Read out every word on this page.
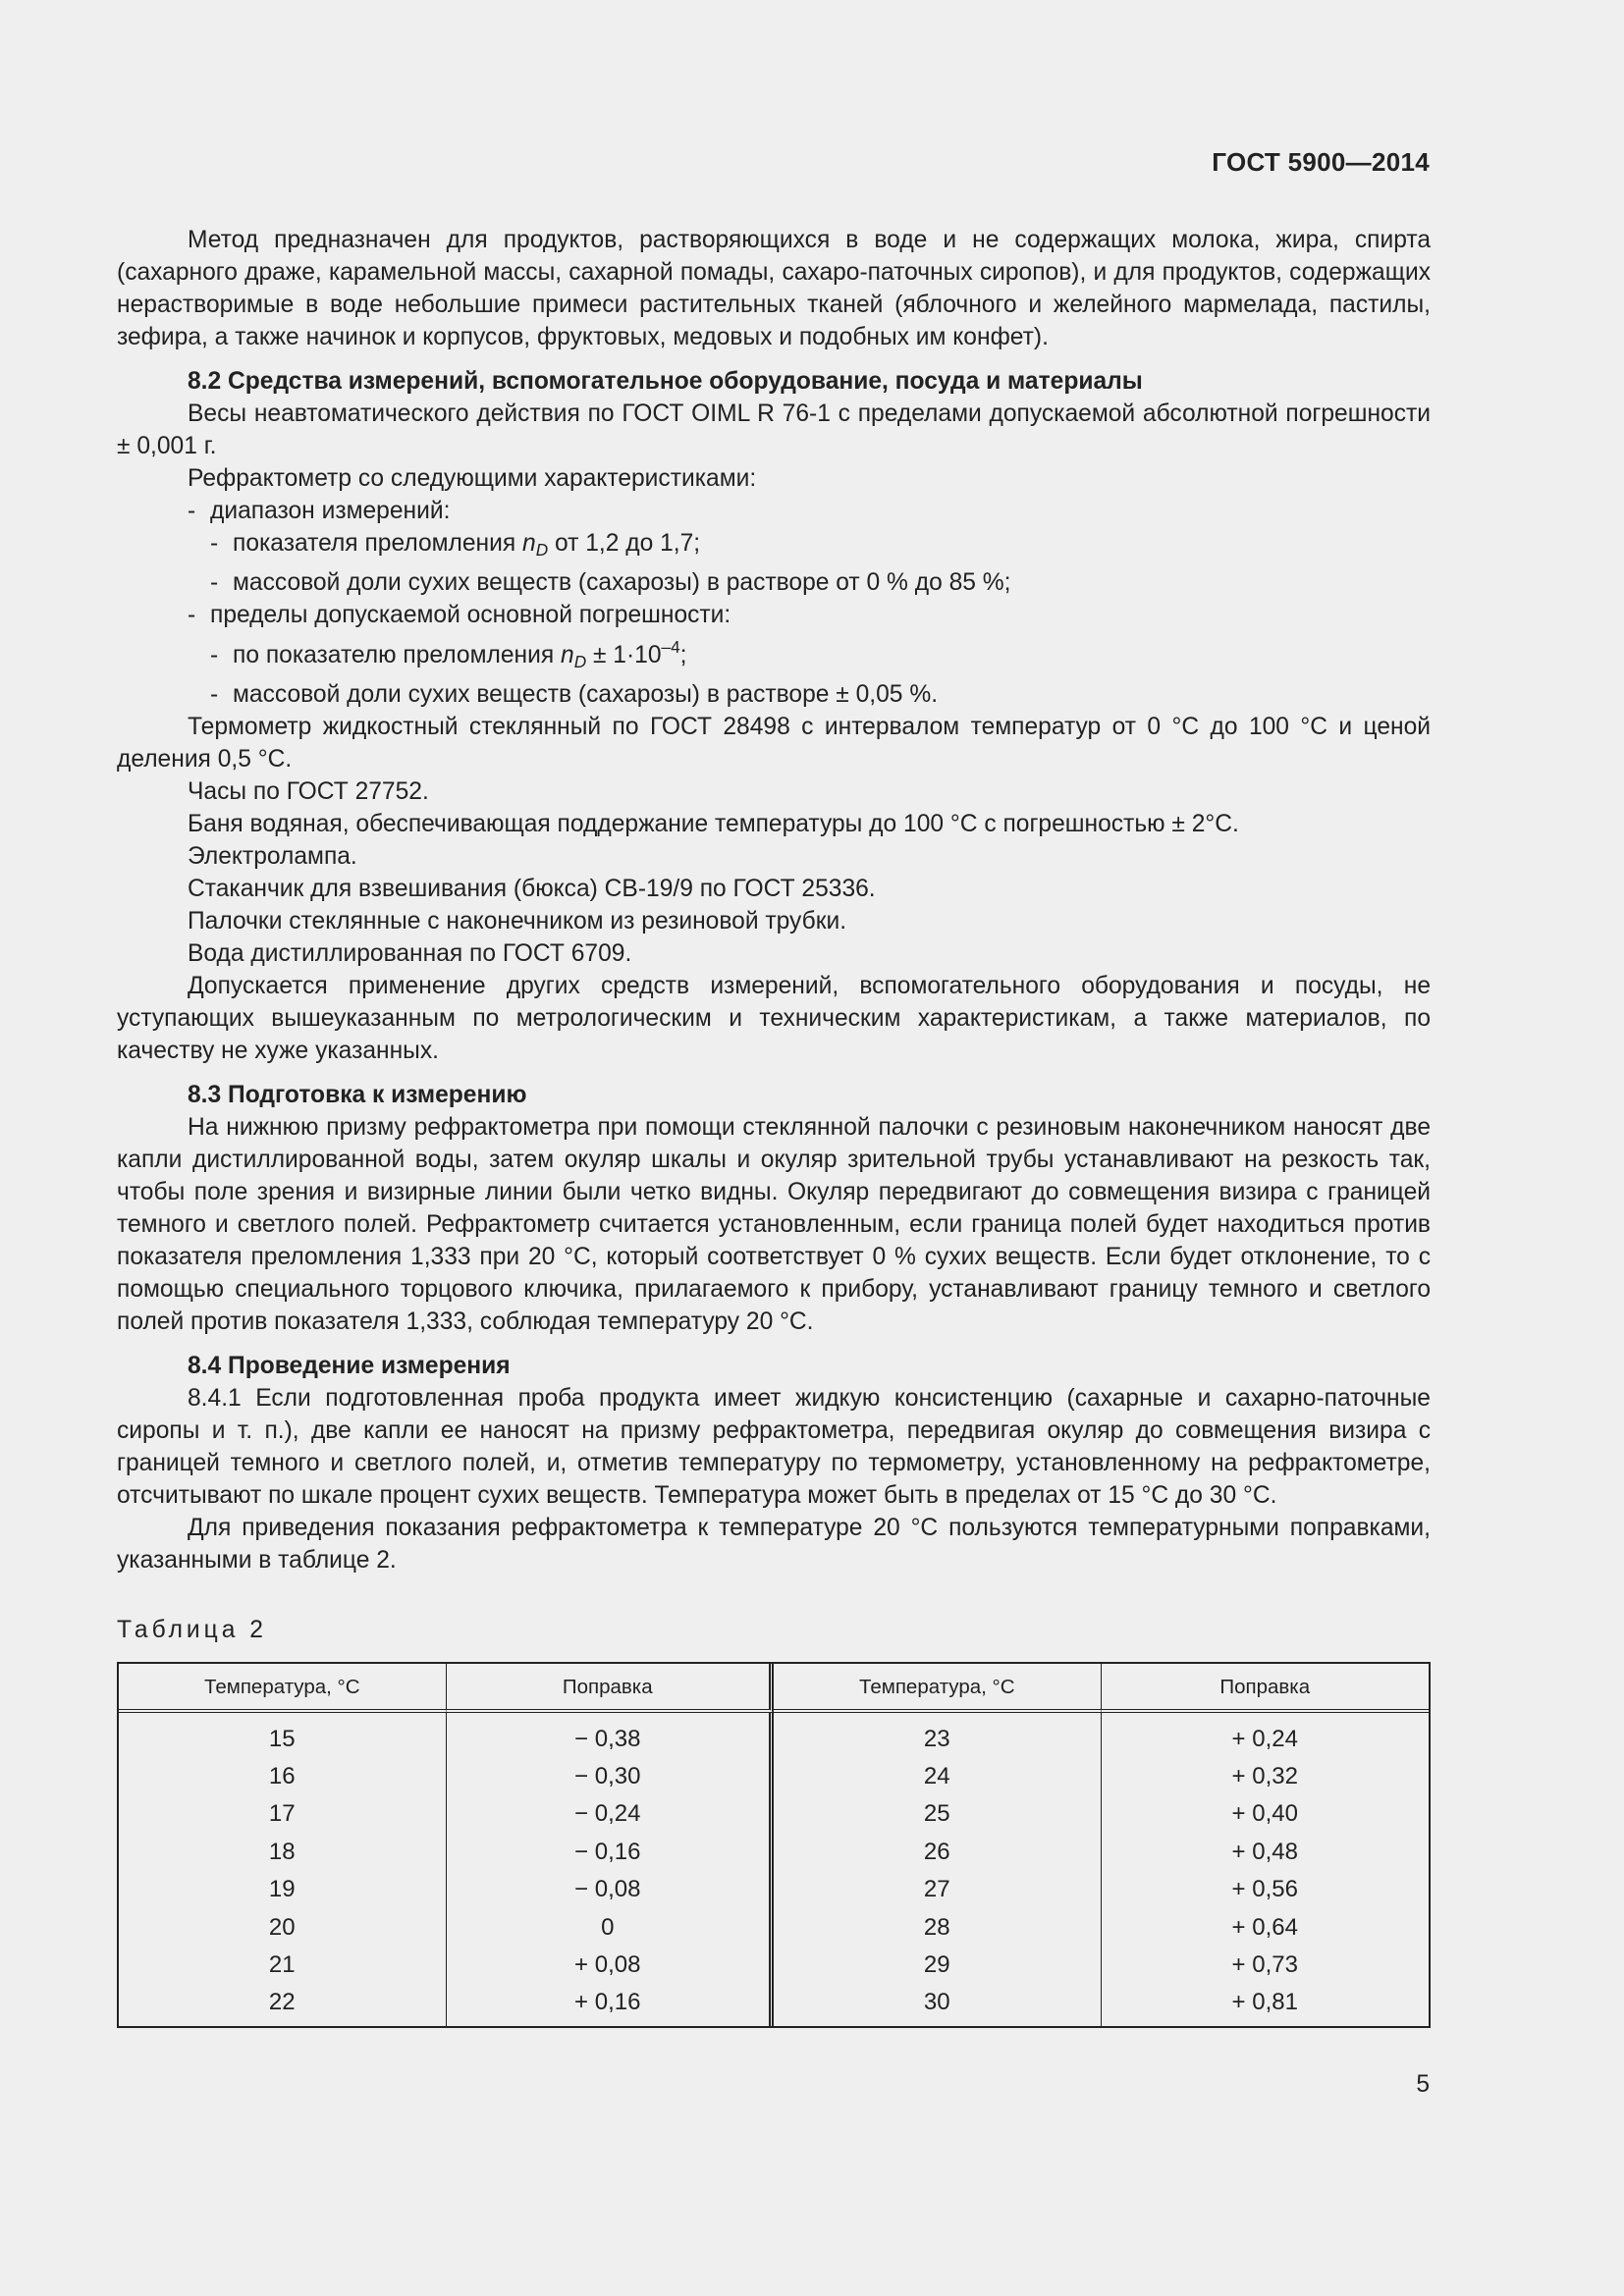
ГОСТ 5900—2014

Метод предназначен для продуктов, растворяющихся в воде и не содержащих молока, жира, спирта (сахарного драже, карамельной массы, сахарной помады, сахаро-паточных сиропов), и для продуктов, содержащих нерастворимые в воде небольшие примеси растительных тканей (яблочного и желейного мармелада, пастилы, зефира, а также начинок и корпусов, фруктовых, медовых и подобных им конфет).

8.2 Средства измерений, вспомогательное оборудование, посуда и материалы

Весы неавтоматического действия по ГОСТ OIML R 76-1 с пределами допускаемой абсолютной погрешности ± 0,001 г.

Рефрактометр со следующими характеристиками:

- диапазон измерений:

- показателя преломления $n_D$ от 1,2 до 1,7;

- массовой доли сухих веществ (сахарозы) в растворе от 0 % до 85 %;

- пределы допускаемой основной погрешности:

- по показателю преломления $n_D \pm 1\cdot 10^{-4}$;

- массовой доли сухих веществ (сахарозы) в растворе ± 0,05 %.

Термометр жидкостный стеклянный по ГОСТ 28498 с интервалом температур от 0 °С до 100 °С и ценой деления 0,5 °С.

Часы по ГОСТ 27752.

Баня водяная, обеспечивающая поддержание температуры до 100 °С с погрешностью ± 2°С.

Электролампа.

Стаканчик для взвешивания (бюкса) СВ-19/9 по ГОСТ 25336.

Палочки стеклянные с наконечником из резиновой трубки.

Вода дистиллированная по ГОСТ 6709.

Допускается применение других средств измерений, вспомогательного оборудования и посуды, не уступающих вышеуказанным по метрологическим и техническим характеристикам, а также материалов, по качеству не хуже указанных.

8.3 Подготовка к измерению

На нижнюю призму рефрактометра при помощи стеклянной палочки с резиновым наконечником наносят две капли дистиллированной воды, затем окуляр шкалы и окуляр зрительной трубы устанавливают на резкость так, чтобы поле зрения и визирные линии были четко видны. Окуляр передвигают до совмещения визира с границей темного и светлого полей. Рефрактометр считается установленным, если граница полей будет находиться против показателя преломления 1,333 при 20 °С, который соответствует 0 % сухих веществ. Если будет отклонение, то с помощью специального торцового ключика, прилагаемого к прибору, устанавливают границу темного и светлого полей против показателя 1,333, соблюдая температуру 20 °С.

8.4 Проведение измерения

8.4.1 Если подготовленная проба продукта имеет жидкую консистенцию (сахарные и сахарно-паточные сиропы и т. п.), две капли ее наносят на призму рефрактометра, передвигая окуляр до совмещения визира с границей темного и светлого полей, и, отметив температуру по термометру, установленному на рефрактометре, отсчитывают по шкале процент сухих веществ. Температура может быть в пределах от 15 °С до 30 °С.

Для приведения показания рефрактометра к температуре 20 °С пользуются температурными поправками, указанными в таблице 2.

Таблица 2

Температура, °С	Поправка	Температура, °С	Поправка
15	− 0,38	23	+ 0,24
16	− 0,30	24	+ 0,32
17	− 0,24	25	+ 0,40
18	− 0,16	26	+ 0,48
19	− 0,08	27	+ 0,56
20	0	28	+ 0,64
21	+ 0,08	29	+ 0,73
22	+ 0,16	30	+ 0,81
5
